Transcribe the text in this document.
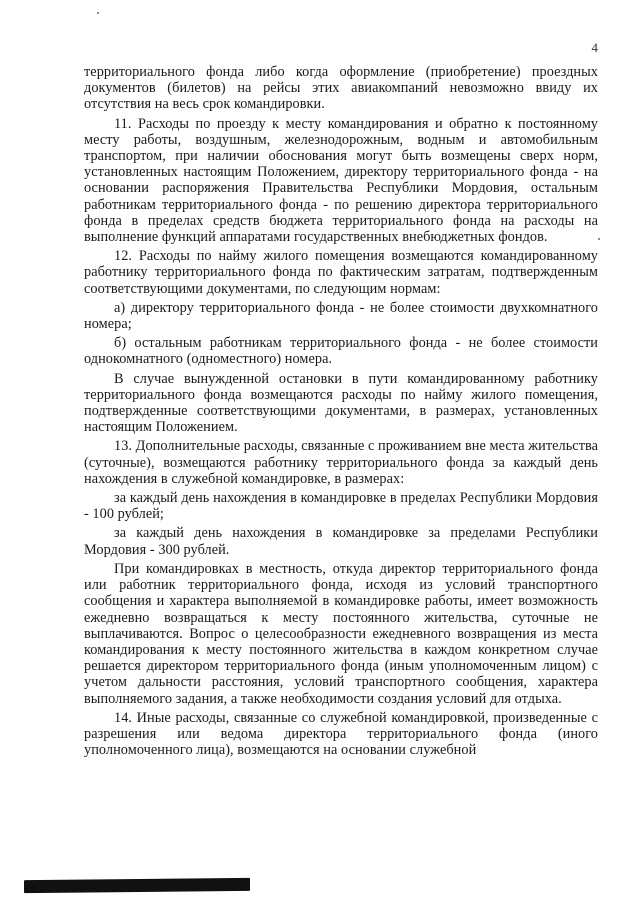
4

территориального фонда либо когда оформление (приобретение) проездных документов (билетов) на рейсы этих авиакомпаний невозможно ввиду их отсутствия на весь срок командировки.

11. Расходы по проезду к месту командирования и обратно к постоянному месту работы, воздушным, железнодорожным, водным и автомобильным транспортом, при наличии обоснования могут быть возмещены сверх норм, установленных настоящим Положением, директору территориального фонда - на основании распоряжения Правительства Республики Мордовия, остальным работникам территориального фонда - по решению директора территориального фонда в пределах средств бюджета территориального фонда на расходы на выполнение функций аппаратами государственных внебюджетных фондов.

12. Расходы по найму жилого помещения возмещаются командированному работнику территориального фонда по фактическим затратам, подтвержденным соответствующими документами, по следующим нормам:

а) директору территориального фонда - не более стоимости двухкомнатного номера;

б) остальным работникам территориального фонда - не более стоимости однокомнатного (одноместного) номера.

В случае вынужденной остановки в пути командированному работнику территориального фонда возмещаются расходы по найму жилого помещения, подтвержденные соответствующими документами, в размерах, установленных настоящим Положением.

13. Дополнительные расходы, связанные с проживанием вне места жительства (суточные), возмещаются работнику территориального фонда за каждый день нахождения в служебной командировке, в размерах:

за каждый день нахождения в командировке в пределах Республики Мордовия - 100 рублей;

за каждый день нахождения в командировке за пределами Республики Мордовия - 300 рублей.

При командировках в местность, откуда директор территориального фонда или работник территориального фонда, исходя из условий транспортного сообщения и характера выполняемой в командировке работы, имеет возможность ежедневно возвращаться к месту постоянного жительства, суточные не выплачиваются. Вопрос о целесообразности ежедневного возвращения из места командирования к месту постоянного жительства в каждом конкретном случае решается директором территориального фонда (иным уполномоченным лицом) с учетом дальности расстояния, условий транспортного сообщения, характера выполняемого задания, а также необходимости создания условий для отдыха.

14. Иные расходы, связанные со служебной командировкой, произведенные с разрешения или ведома директора территориального фонда (иного уполномоченного лица), возмещаются на основании служебной
